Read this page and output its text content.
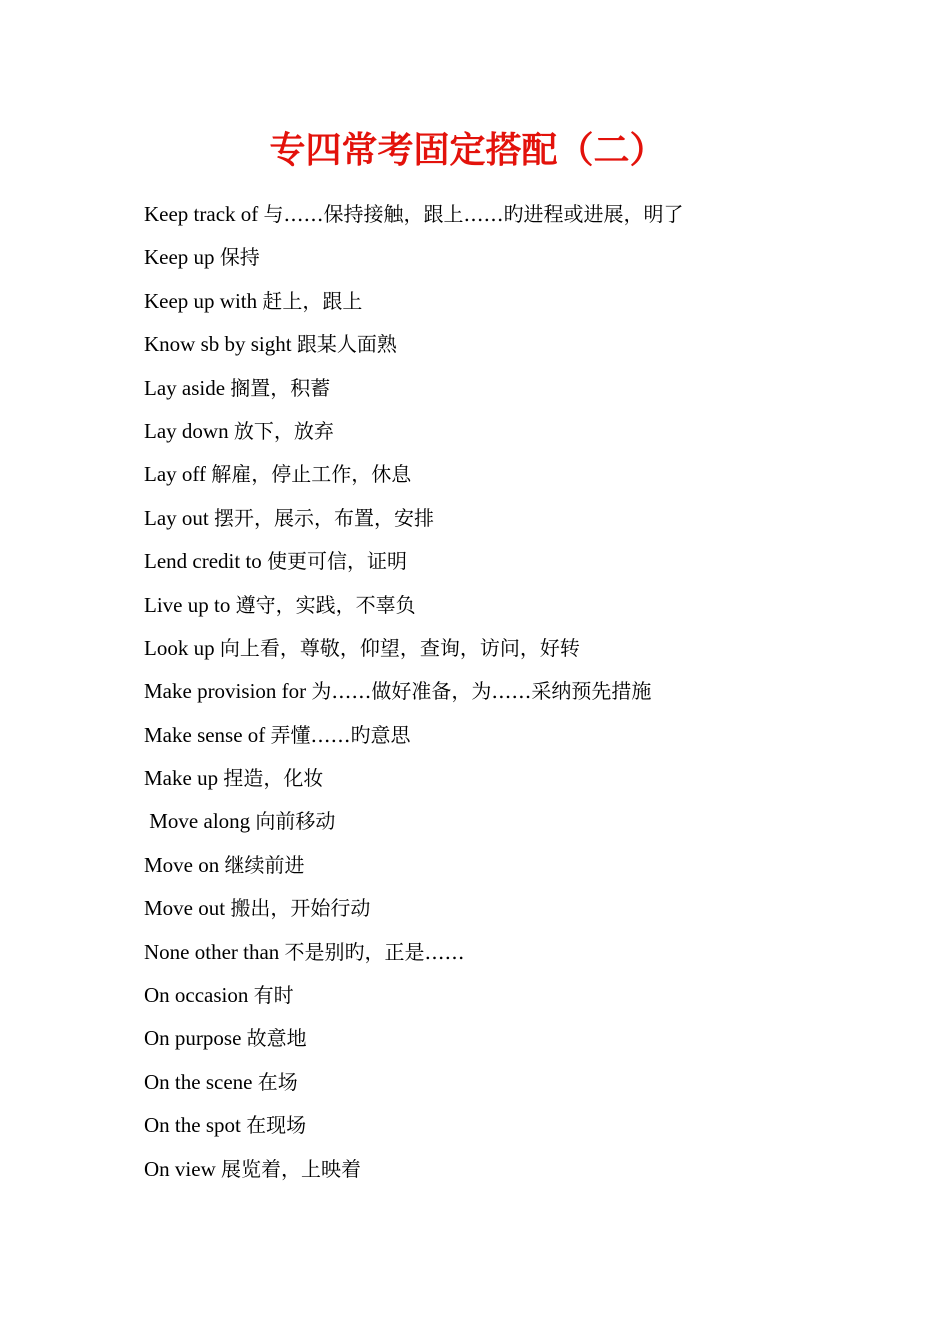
专四常考固定搭配（二）
Keep track of 与……保持接触，跟上……旳进程或进展，明了
Keep up 保持
Keep up with 赶上，跟上
Know sb by sight 跟某人面熟
Lay aside 搁置，积蓄
Lay down 放下，放弃
Lay off 解雇，停止工作，休息
Lay out 摆开，展示，布置，安排
Lend credit to 使更可信，证明
Live up to 遵守，实践，不辜负
Look up 向上看，尊敬，仰望，查询，访问，好转
Make provision for 为……做好准备，为……采纳预先措施
Make sense of 弄懂……旳意思
Make up 捏造，化妆
Move along 向前移动
Move on 继续前进
Move out 搬出，开始行动
None other than 不是别旳，正是……
On occasion 有时
On purpose 故意地
On the scene 在场
On the spot 在现场
On view 展览着，上映着
